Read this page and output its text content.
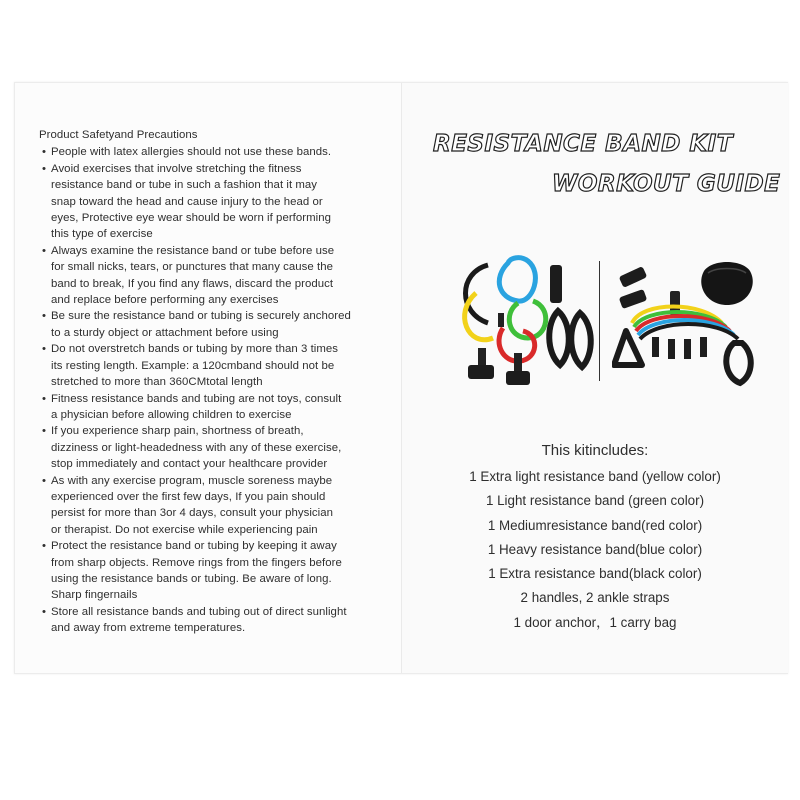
Product Safetyand Precautions
• People with latex allergies should not use these bands.
• Avoid exercises that involve stretching the fitness
resistance band or tube in such a fashion that it may
snap toward the head and cause injury to the head or
eyes, Protective eye wear should be worn if performing
this type of exercise
• Always examine the resistance band or tube before use
for small nicks, tears, or punctures that many cause the
band to break, If you find any flaws, discard the product
and replace before performing any exercises
• Be sure the resistance band or tubing is securely anchored
to a sturdy object or attachment before using
• Do not overstretch bands or tubing by more than 3 times
its resting length. Example: a 120cmband should not be
stretched to more than 360CMtotal length
• Fitness resistance bands and tubing are not toys, consult
a physician before allowing children to exercise
• If you experience sharp pain, shortness of breath,
dizziness or light-headedness with any of these exercise,
stop immediately and contact your healthcare provider
• As with any exercise program, muscle soreness maybe
experienced over the first few days, If you pain should
persist for more than 3or 4 days, consult your physician
or therapist. Do not exercise while experiencing pain
• Protect the resistance band or tubing by keeping it away
from sharp objects. Remove rings from the fingers before
using the resistance bands or tubing. Be aware of long.
Sharp fingernails
• Store all resistance bands and tubing out of direct sunlight
and away from extreme temperatures.
RESISTANCE BAND KIT
WORKOUT GUIDE
This kitincludes:
1 Extra light resistance band (yellow color)
1 Light resistance band (green color)
1 Mediumresistance band(red color)
1 Heavy resistance band(blue color)
1 Extra resistance band(black color)
2 handles, 2 ankle straps
1 door anchor，1 carry bag
